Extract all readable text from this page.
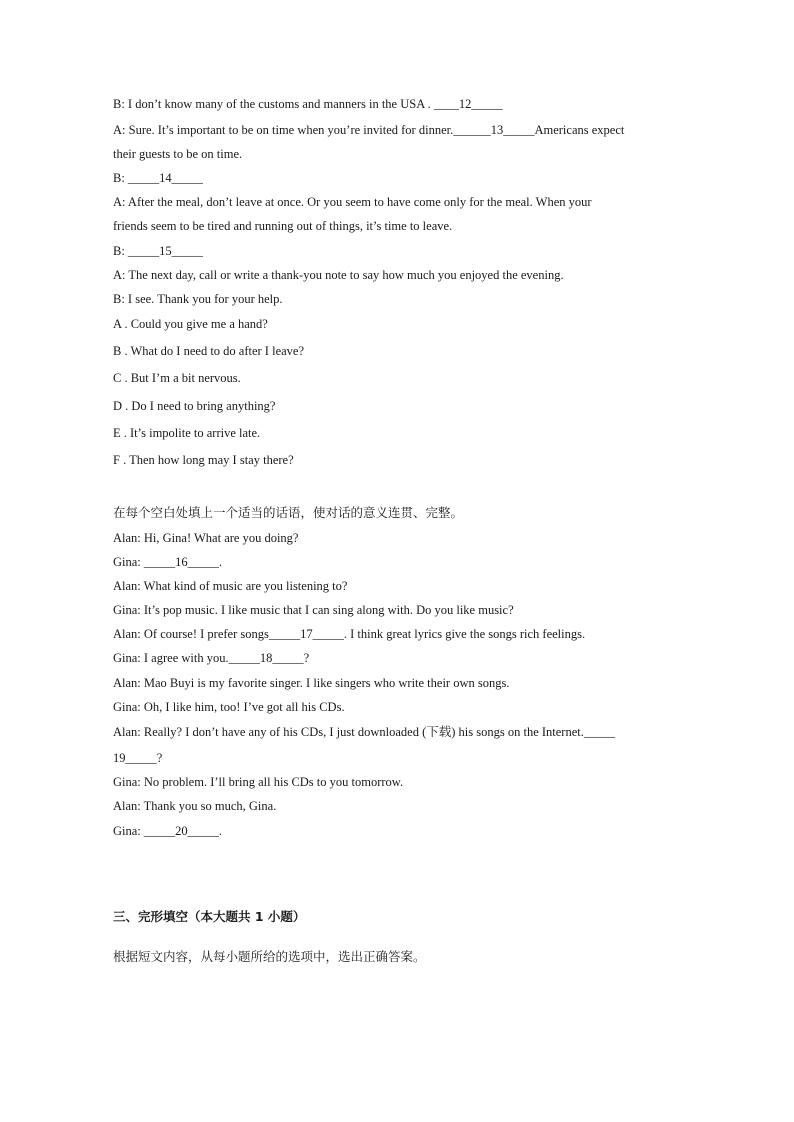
B: I don’t know many of the customs and manners in the USA . ____12_____
A: Sure. It’s important to be on time when you’re invited for dinner.______13_____Americans expect
their guests to be on time.
B: _____14_____
A: After the meal, don’t leave at once. Or you seem to have come only for the meal. When your
friends seem to be tired and running out of things, it’s time to leave.
B: _____15_____
A: The next day, call or write a thank-you note to say how much you enjoyed the evening.
B: I see. Thank you for your help.
A . Could you give me a hand?
B . What do I need to do after I leave?
C . But I’m a bit nervous.
D . Do I need to bring anything?
E . It’s impolite to arrive late.
F . Then how long may I stay there?
在每个空白处填上一个适当的话语，使对话的意义连贯、完整。
Alan: Hi, Gina! What are you doing?
Gina: _____16_____.
Alan: What kind of music are you listening to?
Gina: It’s pop music. I like music that I can sing along with. Do you like music?
Alan: Of course! I prefer songs_____17_____. I think great lyrics give the songs rich feelings.
Gina: I agree with you._____18_____?
Alan: Mao Buyi is my favorite singer. I like singers who write their own songs.
Gina: Oh, I like him, too! I’ve got all his CDs.
Alan: Really? I don’t have any of his CDs, I just downloaded (下载) his songs on the Internet._____
19_____?
Gina: No problem. I’ll bring all his CDs to you tomorrow.
Alan: Thank you so much, Gina.
Gina: _____20_____.
三、完形填空（本大题共 1 小题）
根据短文内容，从每小题所给的选项中，选出正确答案。
